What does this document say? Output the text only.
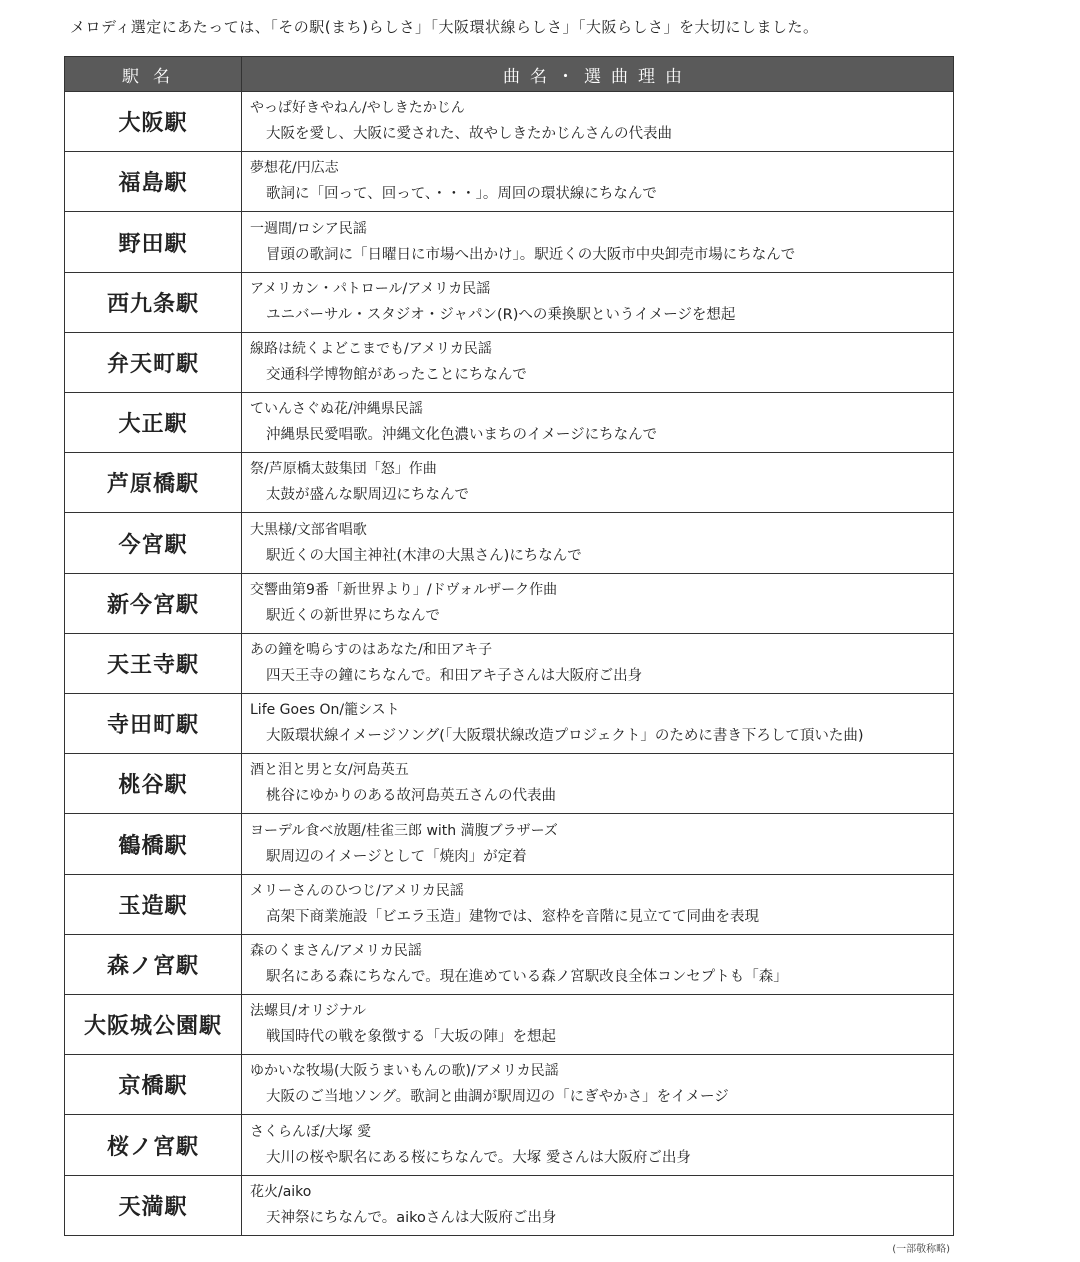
メロディ選定にあたっては、「その駅(まち)らしさ」「大阪環状線らしさ」「大阪らしさ」を大切にしました。
駅名	曲名・選曲理由
大阪駅	やっぱ好きやねん/やしきたかじん
大阪を愛し、大阪に愛された、故やしきたかじんさんの代表曲

福島駅	夢想花/円広志
歌詞に「回って、回って、・・・」。周回の環状線にちなんで

野田駅	一週間/ロシア民謡
冒頭の歌詞に「日曜日に市場へ出かけ」。駅近くの大阪市中央卸売市場にちなんで

西九条駅	アメリカン・パトロール/アメリカ民謡
ユニバーサル・スタジオ・ジャパン(R)への乗換駅というイメージを想起

弁天町駅	線路は続くよどこまでも/アメリカ民謡
交通科学博物館があったことにちなんで

大正駅	ていんさぐぬ花/沖縄県民謡
沖縄県民愛唱歌。沖縄文化色濃いまちのイメージにちなんで

芦原橋駅	祭/芦原橋太鼓集団「怒」作曲
太鼓が盛んな駅周辺にちなんで

今宮駅	大黒様/文部省唱歌
駅近くの大国主神社(木津の大黒さん)にちなんで

新今宮駅	交響曲第9番「新世界より」/ドヴォルザーク作曲
駅近くの新世界にちなんで

天王寺駅	あの鐘を鳴らすのはあなた/和田アキ子
四天王寺の鐘にちなんで。和田アキ子さんは大阪府ご出身

寺田町駅	Life Goes On/籠シスト
大阪環状線イメージソング(「大阪環状線改造プロジェクト」のために書き下ろして頂いた曲)

桃谷駅	酒と泪と男と女/河島英五
桃谷にゆかりのある故河島英五さんの代表曲

鶴橋駅	ヨーデル食べ放題/桂雀三郎 with 満腹ブラザーズ
駅周辺のイメージとして「焼肉」が定着

玉造駅	メリーさんのひつじ/アメリカ民謡
高架下商業施設「ビエラ玉造」建物では、窓枠を音階に見立てて同曲を表現

森ノ宮駅	森のくまさん/アメリカ民謡
駅名にある森にちなんで。現在進めている森ノ宮駅改良全体コンセプトも「森」

大阪城公園駅	法螺貝/オリジナル
戦国時代の戦を象徴する「大坂の陣」を想起

京橋駅	ゆかいな牧場(大阪うまいもんの歌)/アメリカ民謡
大阪のご当地ソング。歌詞と曲調が駅周辺の「にぎやかさ」をイメージ

桜ノ宮駅	さくらんぼ/大塚 愛
大川の桜や駅名にある桜にちなんで。大塚 愛さんは大阪府ご出身

天満駅	花火/aiko
天神祭にちなんで。aikoさんは大阪府ご出身
(一部敬称略)
